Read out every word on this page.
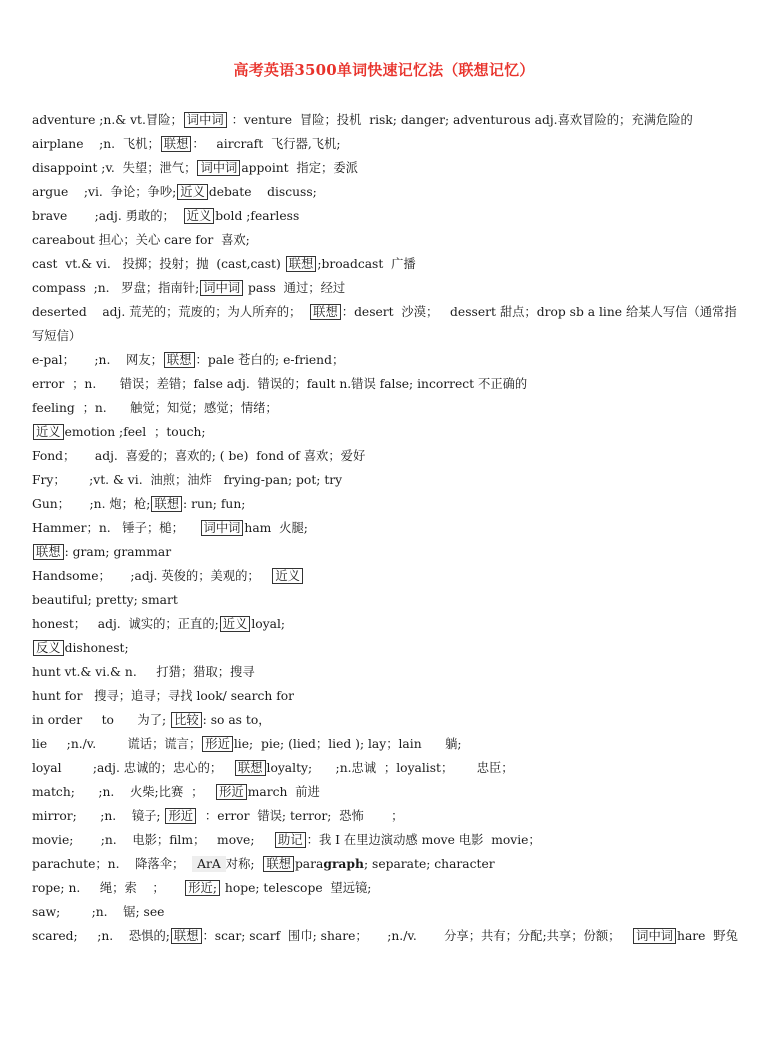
高考英语3500单词快速记忆法（联想记忆）
adventure ;n.& vt.冒险； 词中词 ：venture  冒险；投机  risk; danger; adventurous adj.喜欢冒险的；充满危险的
airplane    ;n.  飞机； 联想 ：   aircraft  飞行器,飞机;
disappoint ;v.  失望；泄气； 词中词 appoint  指定；委派
argue    ;vi.  争论；争吵; 近义 debate    discuss;
brave       ;adj. 勇敢的；  近义 bold ;fearless
careabout 担心；关心 care for  喜欢;
cast  vt.& vi.   投掷；投射；抛  (cast,cast) 联想 ;broadcast  广播
compass  ;n.   罗盘；指南针; 词中词 pass  通过；经过
deserted    adj. 荒芜的；荒废的；为人所弃的；  联想 ：desert  沙漠；   dessert 甜点；drop sb a line 给某人写信（通常指写短信）
e-pal；     ;n.    网友； 联想 ：pale 苍白的; e-friend；
error  ；n.      错误；差错；false adj.  错误的；fault n.错误 false; incorrect 不正确的
feeling  ；n.      触觉；知觉；感觉；情绪；
近义 emotion ;feel  ；touch;
Fond；     adj.  喜爱的；喜欢的; ( be)  fond of 喜欢；爱好
Fry；      ;vt. & vi.  油煎；油炸   frying-pan; pot; try
Gun；     ;n. 炮；枪; 联想 : run; fun;
Hammer；n.   锤子；槌；    词中词 ham  火腿;
联想 : gram; grammar
Handsome；     ;adj. 英俊的；美观的；   近义
beautiful; pretty; smart
honest；   adj.  诚实的；正直的; 近义 loyal;
反义 dishonest;
hunt vt.& vi.& n.     打猎；猎取；搜寻
hunt for   搜寻；追寻；寻找 look/ search for
in order     to      为了; 比较 : so as to，
lie     ;n./v.        谎话；谎言； 形近 lie;  pie; (lied；lied ); lay；lain      躺;
loyal        ;adj. 忠诚的；忠心的；   联想 loyalty;      ;n.忠诚  ；loyalist；      忠臣；
match;      ;n.    火柴;比赛  ；   形近 march  前进
mirror;      ;n.    镜子; 形近  ：error  错误; terror;  恐怖       ；
movie;       ;n.    电影；film；   move;     助记 ：我 I 在里边演动感 move 电影  movie；
parachute；n.    降落伞；  ArA 对称;  联想 paragraph; separate; character
rope; n.     绳；索    ；     形近; hope; telescope  望远镜;
saw;        ;n.    锯; see
scared;     ;n.    恐惧的; 联想 ：scar; scarf  围巾; share；     ;n./v.       分享；共有；分配;共享；份额；   词中词 hare  野兔
